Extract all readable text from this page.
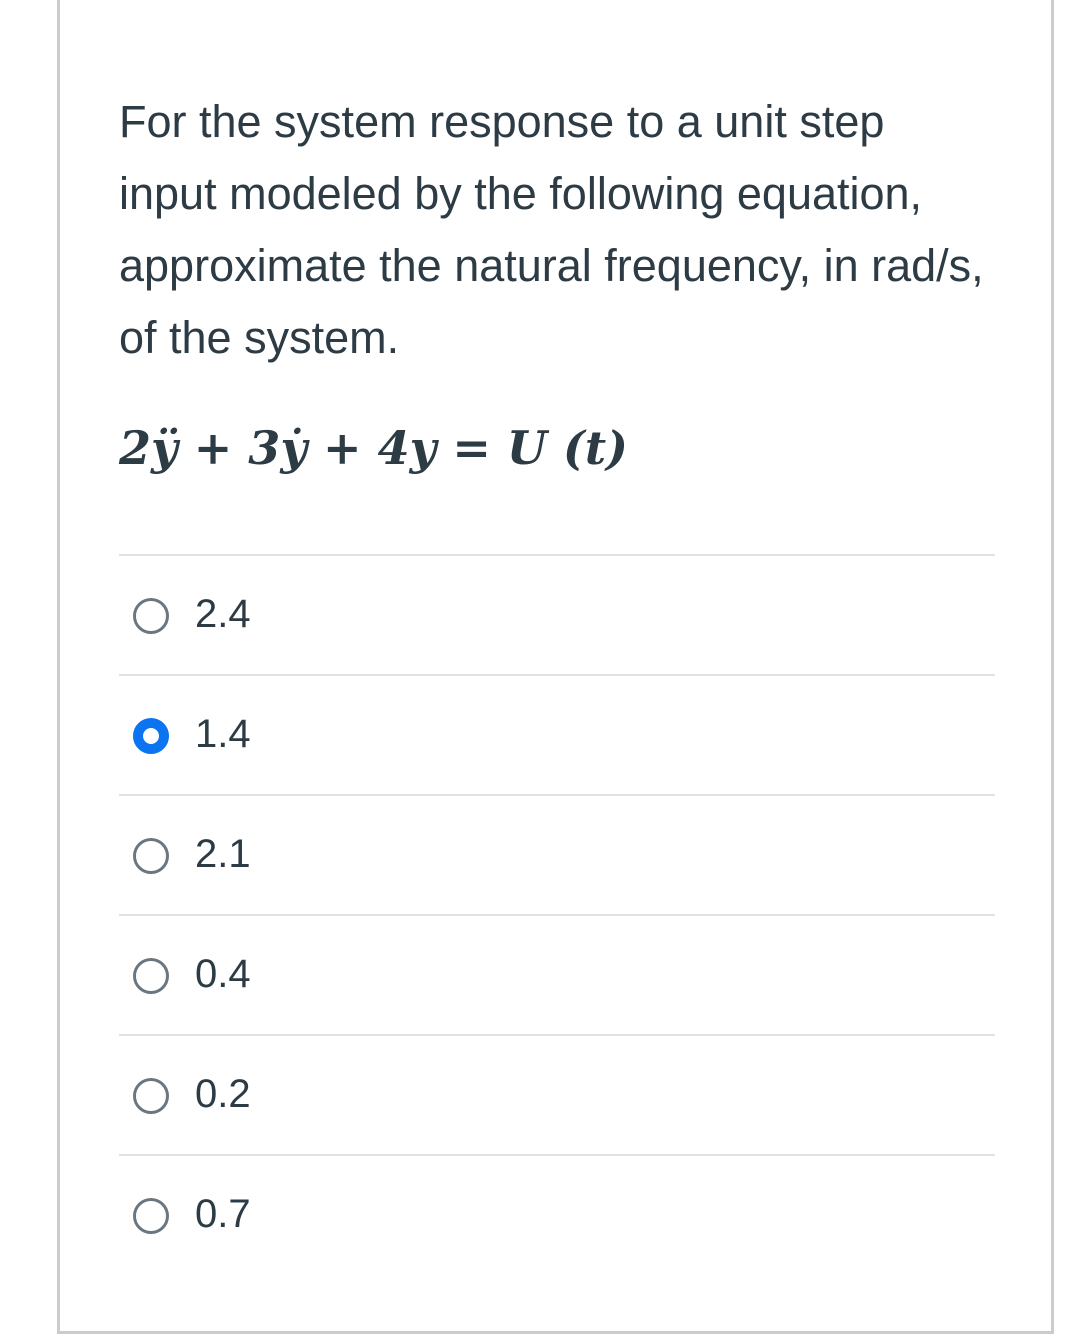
For the system response to a unit step input modeled by the following equation, approximate the natural frequency, in rad/s, of the system.
2ÿ + 3ẏ + 4y = U (t)
2.4
1.4
2.1
0.4
0.2
0.7
